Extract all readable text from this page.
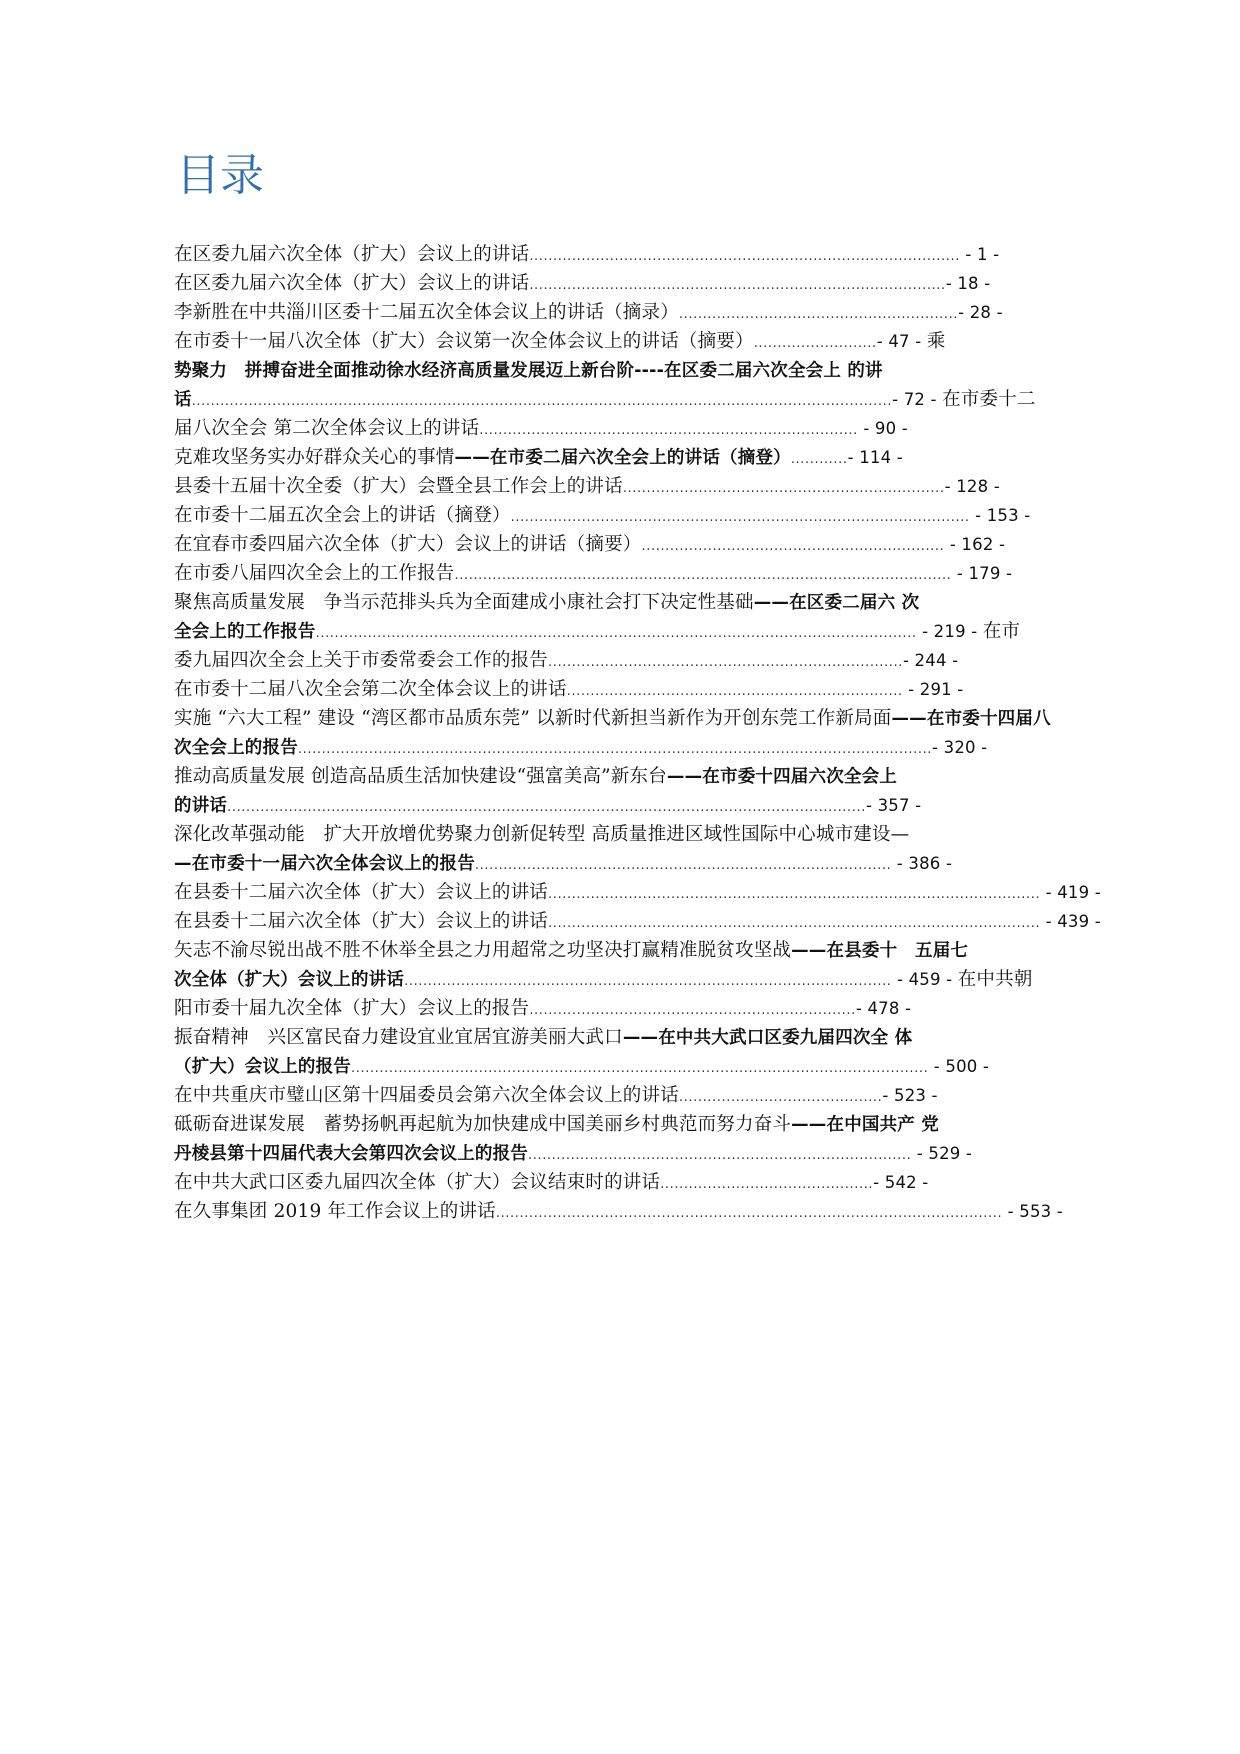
目录
在区委九届六次全体（扩大）会议上的讲话........................................................................................... - 1 -
在区委九届六次全体（扩大）会议上的讲话........................................................................................- 18 -
李新胜在中共淄川区委十二届五次全体会议上的讲话（摘录）...........................................................- 28 -
在市委十一届八次全体（扩大）会议第一次全体会议上的讲话（摘要）..........................- 47 - 乘
势聚力　拼搏奋进全面推动徐水经济高质量发展迈上新台阶----在区委二届六次全会上 的讲
话....................................................................................................................................................- 72 - 在市委十二
届八次全会 第二次全体会议上的讲话................................................................................ - 90 -
克难攻坚务实办好群众关心的事情——在市委二届六次全会上的讲话（摘登）............- 114 -
县委十五届十次全委（扩大）会暨全县工作会上的讲话....................................................................- 128 -
在市委十二届五次全会上的讲话（摘登）................................................................................................. - 153 -
在宜春市委四届六次全体（扩大）会议上的讲话（摘要）................................................................ - 162 -
在市委八届四次全会上的工作报告......................................................................................................... - 179 -
聚焦高质量发展　争当示范排头兵为全面建成小康社会打下决定性基础——在区委二届六 次
全会上的工作报告............................................................................................................................... - 219 - 在市
委九届四次全会上关于市委常委会工作的报告...........................................................................- 244 -
在市委十二届八次全会第二次全体会议上的讲话....................................................................... - 291 -
实施 “六大工程” 建设 “湾区都市品质东莞” 以新时代新担当新作为开创东莞工作新局面——在市委十四届八
次全会上的报告......................................................................................................................................- 320 -
推动高质量发展 创造高品质生活加快建设“强富美高”新东台——在市委十四届六次全会上
的讲话.......................................................................................................................................- 357 -
深化改革强动能　扩大开放增优势聚力创新促转型 高质量推进区域性国际中心城市建设—
—在市委十一届六次全体会议上的报告........................................................................................ - 386 -
在县委十二届六次全体（扩大）会议上的讲话........................................................................................................ - 419 -
在县委十二届六次全体（扩大）会议上的讲话........................................................................................................ - 439 -
矢志不渝尽锐出战不胜不休举全县之力用超常之功坚决打赢精准脱贫攻坚战——在县委十　五届七
次全体（扩大）会议上的讲话....................................................................................................... - 459 - 在中共朝
阳市委十届九次全体（扩大）会议上的报告.....................................................................- 478 -
振奋精神　兴区富民奋力建设宜业宜居宜游美丽大武口——在中共大武口区委九届四次全 体
（扩大）会议上的报告.......................................................................................................................... - 500 -
在中共重庆市璧山区第十四届委员会第六次全体会议上的讲话...........................................- 523 -
砥砺奋进谋发展　蓄势扬帆再起航为加快建成中国美丽乡村典范而努力奋斗——在中国共产 党
丹棱县第十四届代表大会第四次会议上的报告................................................................................. - 529 -
在中共大武口区委九届四次全体（扩大）会议结束时的讲话.............................................- 542 -
在久事集团 2019 年工作会议上的讲话........................................................................................................... - 553 -
